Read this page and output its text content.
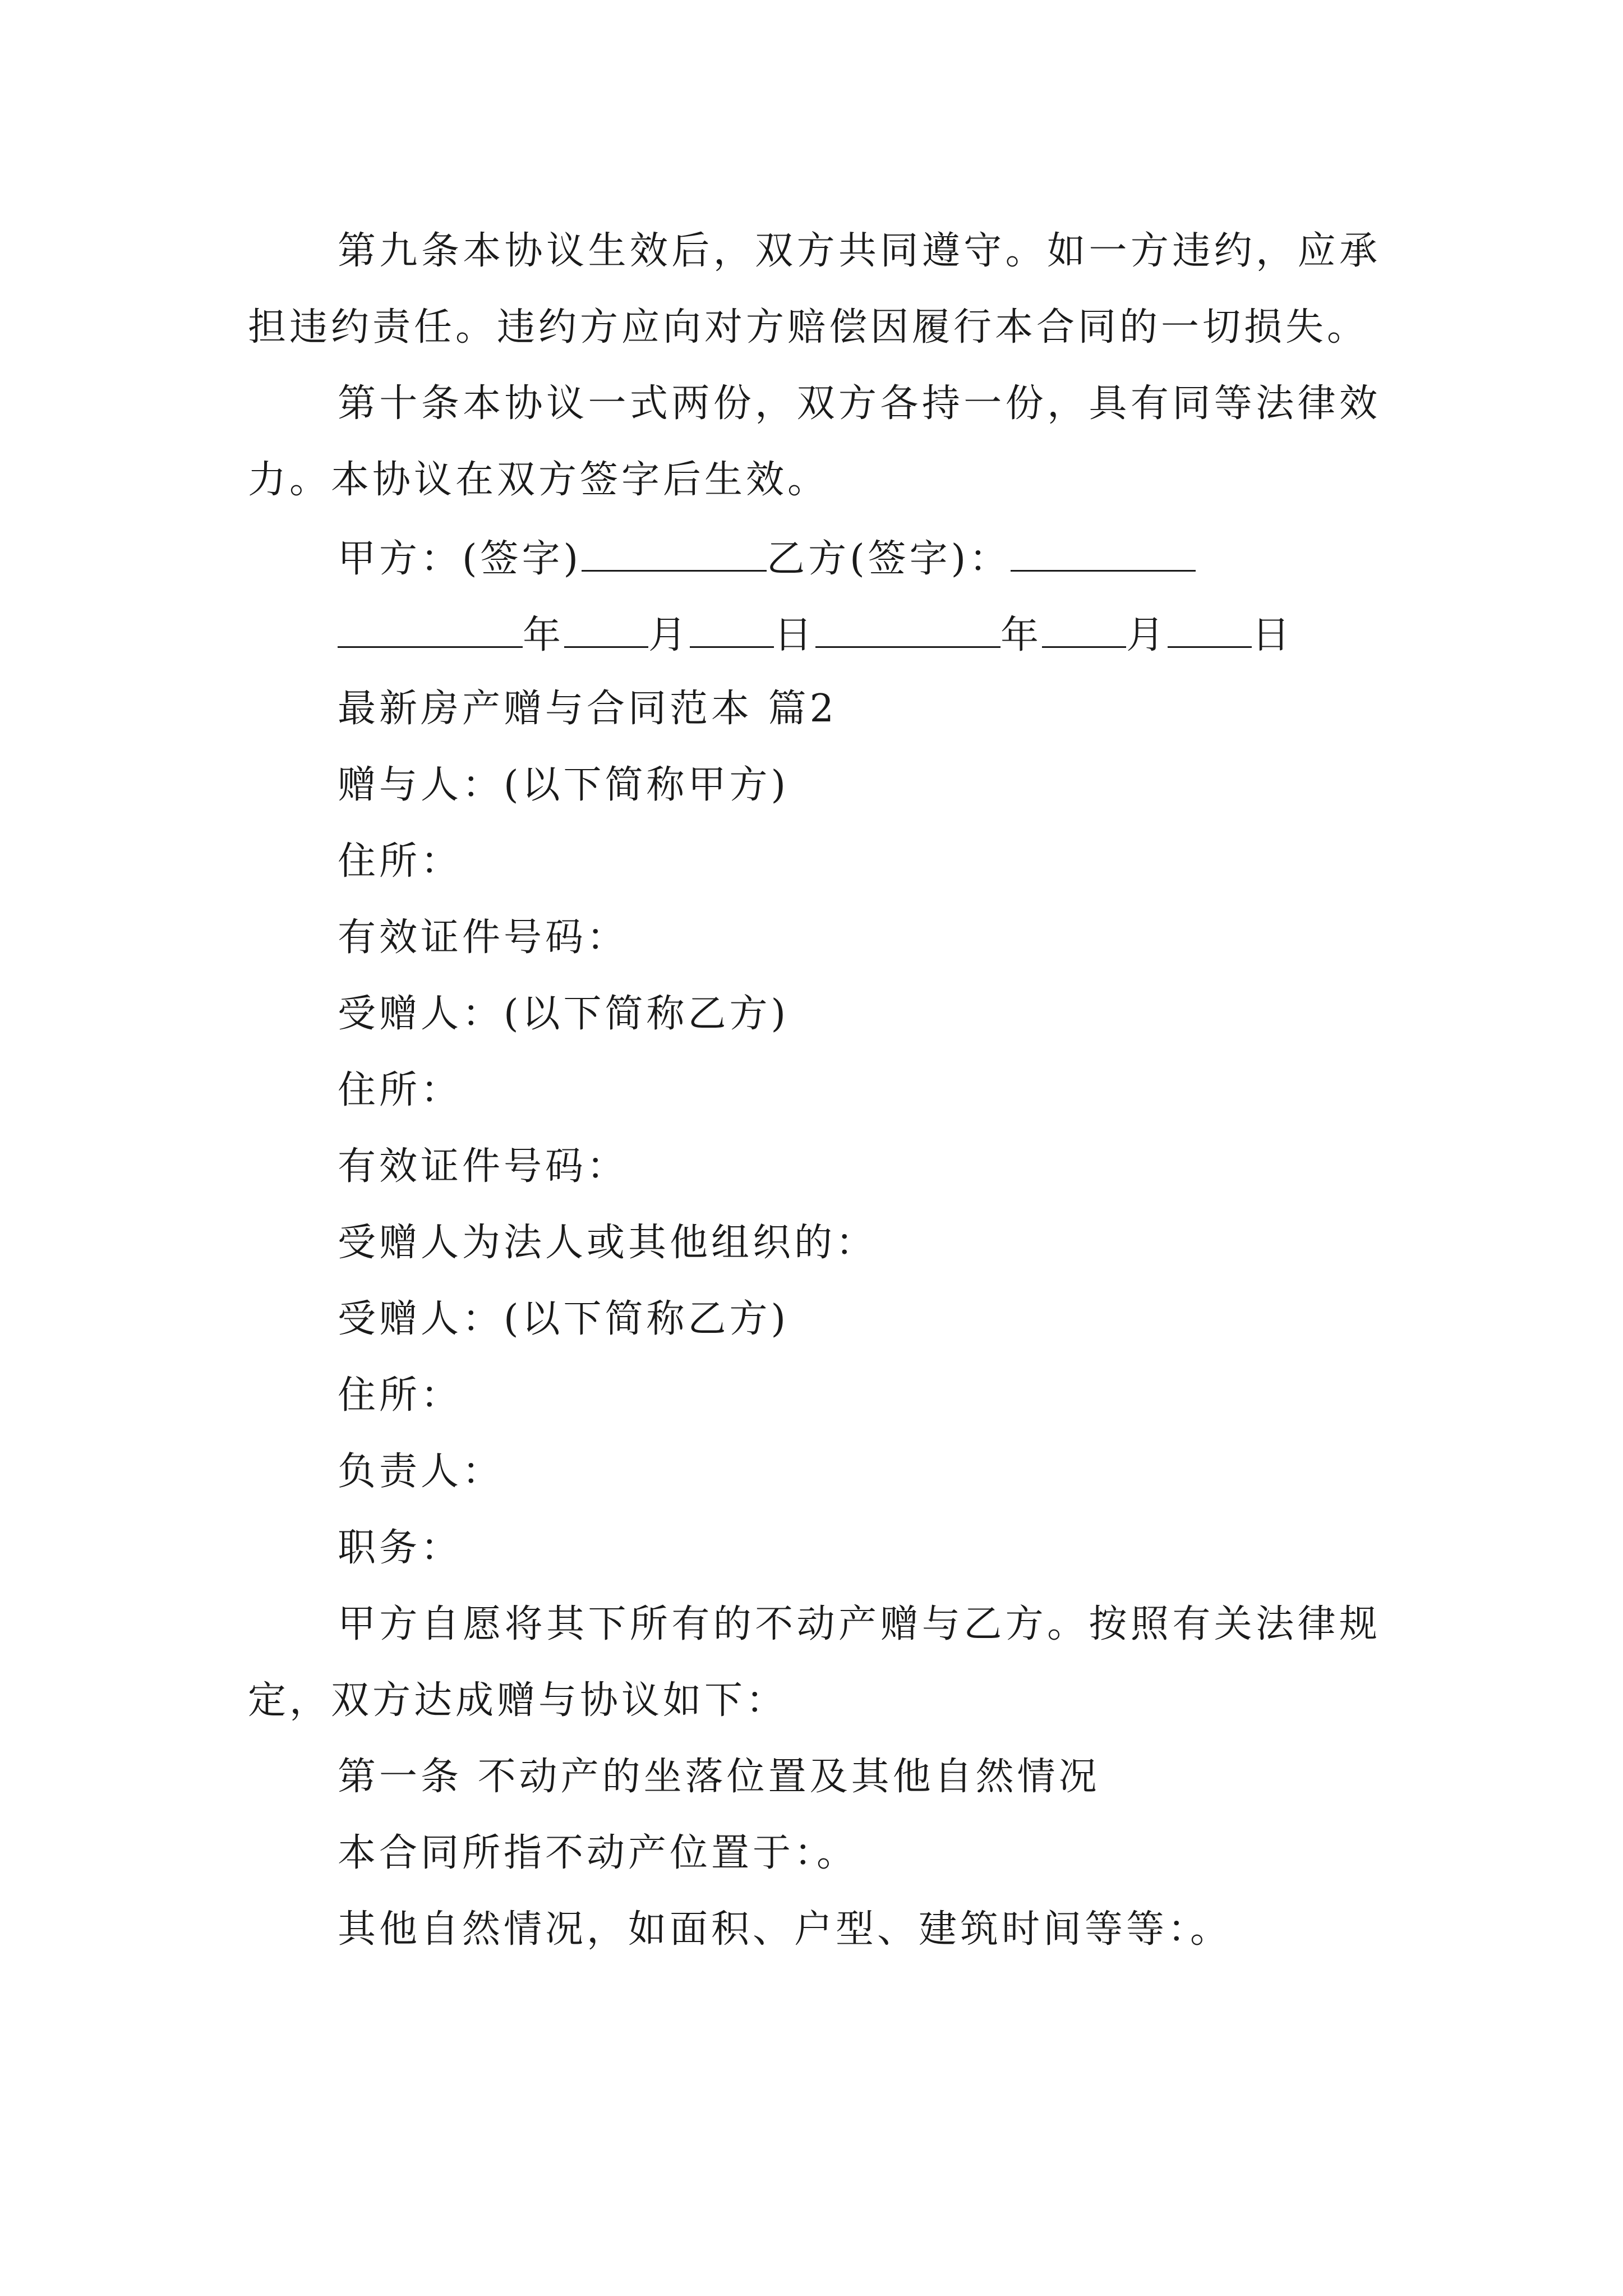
第九条本协议生效后，双方共同遵守。如一方违约，应承担违约责任。违约方应向对方赔偿因履行本合同的一切损失。
第十条本协议一式两份，双方各持一份，具有同等法律效力。本协议在双方签字后生效。
甲方：(签字)	乙方(签字)：
年 月 日	年 月 日
最新房产赠与合同范本 篇2
赠与人：(以下简称甲方)
住所：
有效证件号码：
受赠人：(以下简称乙方)
住所：
有效证件号码：
受赠人为法人或其他组织的：
受赠人：(以下简称乙方)
住所：
负责人：
职务：
甲方自愿将其下所有的不动产赠与乙方。按照有关法律规定，双方达成赠与协议如下：
第一条 不动产的坐落位置及其他自然情况
本合同所指不动产位置于：。
其他自然情况，如面积、户型、建筑时间等等：。
